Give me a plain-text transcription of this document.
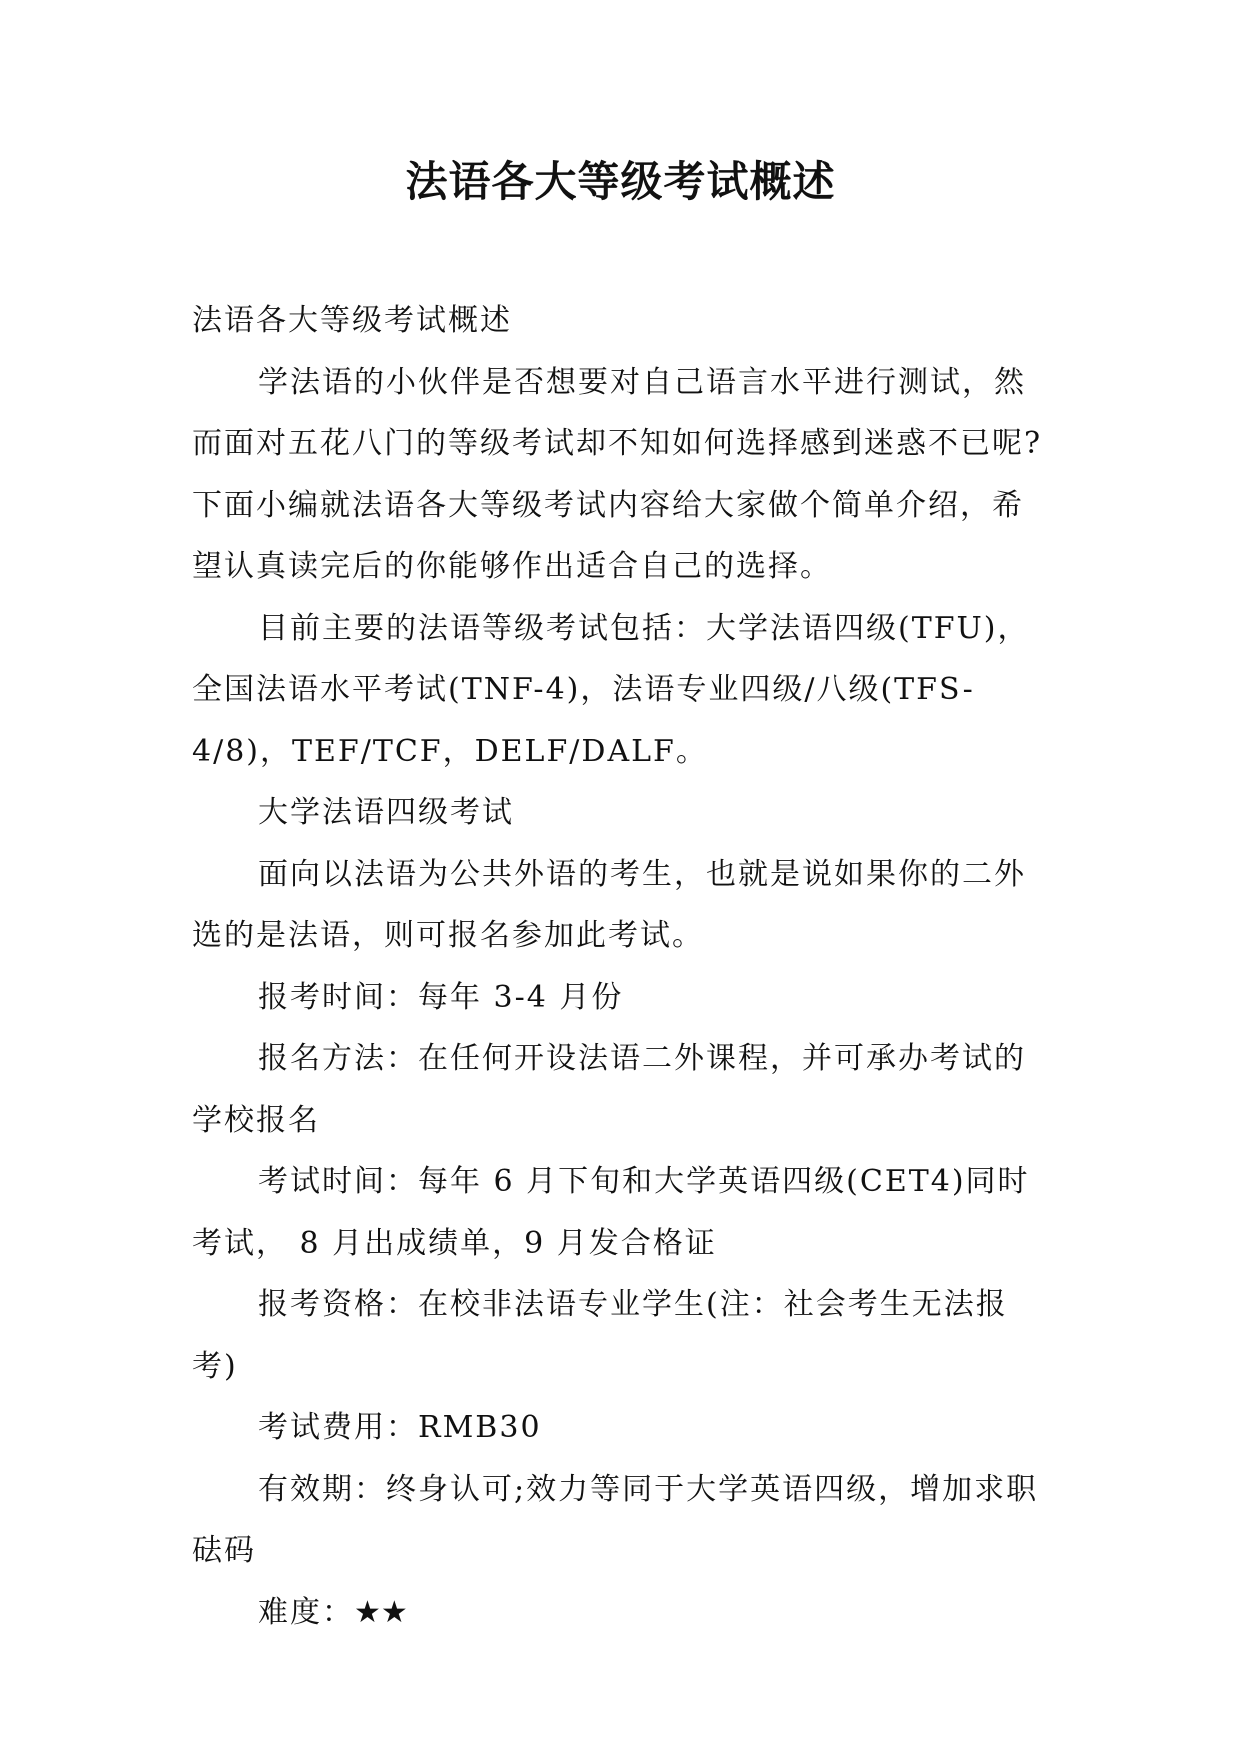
法语各大等级考试概述

法语各大等级考试概述

学法语的小伙伴是否想要对自己语言水平进行测试，然而面对五花八门的等级考试却不知如何选择感到迷惑不已呢?下面小编就法语各大等级考试内容给大家做个简单介绍，希望认真读完后的你能够作出适合自己的选择。

目前主要的法语等级考试包括：大学法语四级(TFU)，全国法语水平考试(TNF-4)，法语专业四级/八级(TFS-4/8)，TEF/TCF，DELF/DALF。

大学法语四级考试

面向以法语为公共外语的考生，也就是说如果你的二外选的是法语，则可报名参加此考试。

报考时间：每年 3-4 月份

报名方法：在任何开设法语二外课程，并可承办考试的学校报名

考试时间：每年 6 月下旬和大学英语四级(CET4)同时考试， 8 月出成绩单，9 月发合格证

报考资格：在校非法语专业学生(注：社会考生无法报考)

考试费用：RMB30

有效期：终身认可;效力等同于大学英语四级，增加求职砝码

难度：★★
